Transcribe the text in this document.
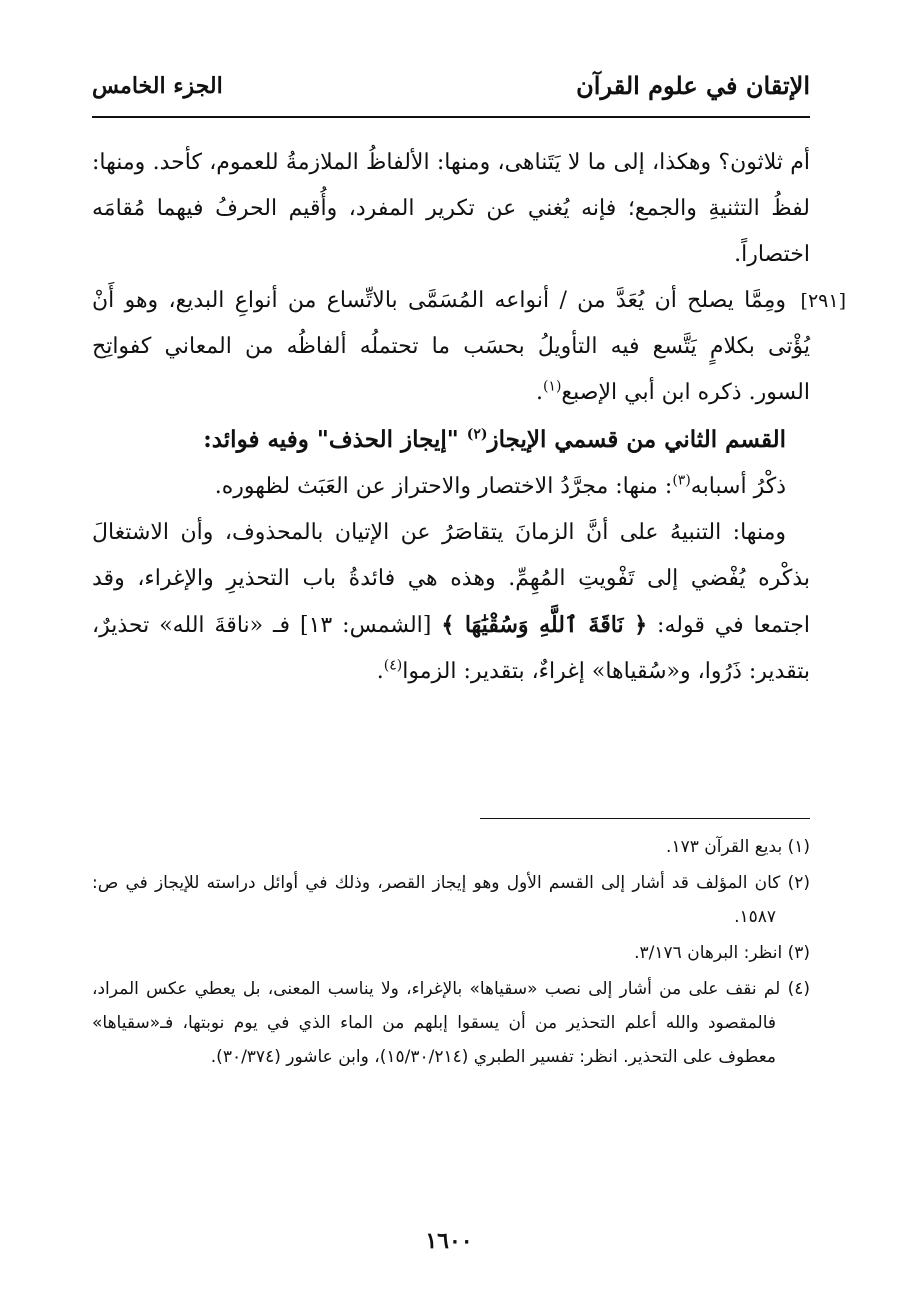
الإتقان في علوم القرآن
الجزء الخامس

أم ثلاثون؟ وهكذا، إلى ما لا يَتَناهى، ومنها: الألفاظُ الملازمةُ للعموم، كأحد. ومنها: لفظُ التثنيةِ والجمع؛ فإنه يُغني عن تكرير المفرد، وأُقيم الحرفُ فيهما مُقامَه اختصاراً.

[٢٩١]
ومِمَّا يصلح أن يُعَدَّ من / أنواعه المُسَمَّى بالاتِّساع من أنواعِ البديع، وهو أَنْ يُؤْتى بكلامٍ يَتَّسع فيه التأويلُ بحسَب ما تحتملُه ألفاظُه من المعاني كفواتِح السور. ذكره ابن أبي الإصبع$^{(١)}$.

القسم الثاني من قسمي الإيجاز$^{(٢)}$ "إيجاز الحذف" وفيه فوائد:

ذكْرُ أسبابه$^{(٣)}$: منها: مجرَّدُ الاختصار والاحتراز عن العَبَث لظهوره.

ومنها: التنبيهُ على أنَّ الزمانَ يتقاصَرُ عن الإتيان بالمحذوف، وأن الاشتغالَ بذكْره يُفْضي إلى تَفْويتِ المُهِمِّ. وهذه هي فائدةُ باب التحذيرِ والإغراء، وقد اجتمعا في قوله: ﴿ نَاقَةَ ٱللَّهِ وَسُقْيَٰهَا ﴾ [الشمس: ١٣] فـ «ناقةَ الله» تحذيرٌ، بتقدير: ذَرُوا، و«سُقياها» إغراءٌ، بتقدير: الزموا$^{(٤)}$.

(١) بديع القرآن ١٧٣.

(٢) كان المؤلف قد أشار إلى القسم الأول وهو إيجاز القصر، وذلك في أوائل دراسته للإيجاز في ص: ١٥٨٧.

(٣) انظر: البرهان ٣/١٧٦.

(٤) لم نقف على من أشار إلى نصب «سقياها» بالإغراء، ولا يناسب المعنى، بل يعطي عكس المراد، فالمقصود والله أعلم التحذير من أن يسقوا إبلهم من الماء الذي في يوم نوبتها، فـ«سقياها» معطوف على التحذير. انظر: تفسير الطبري (١٥/٣٠/٢١٤)، وابن عاشور (٣٠/٣٧٤).

١٦٠٠
